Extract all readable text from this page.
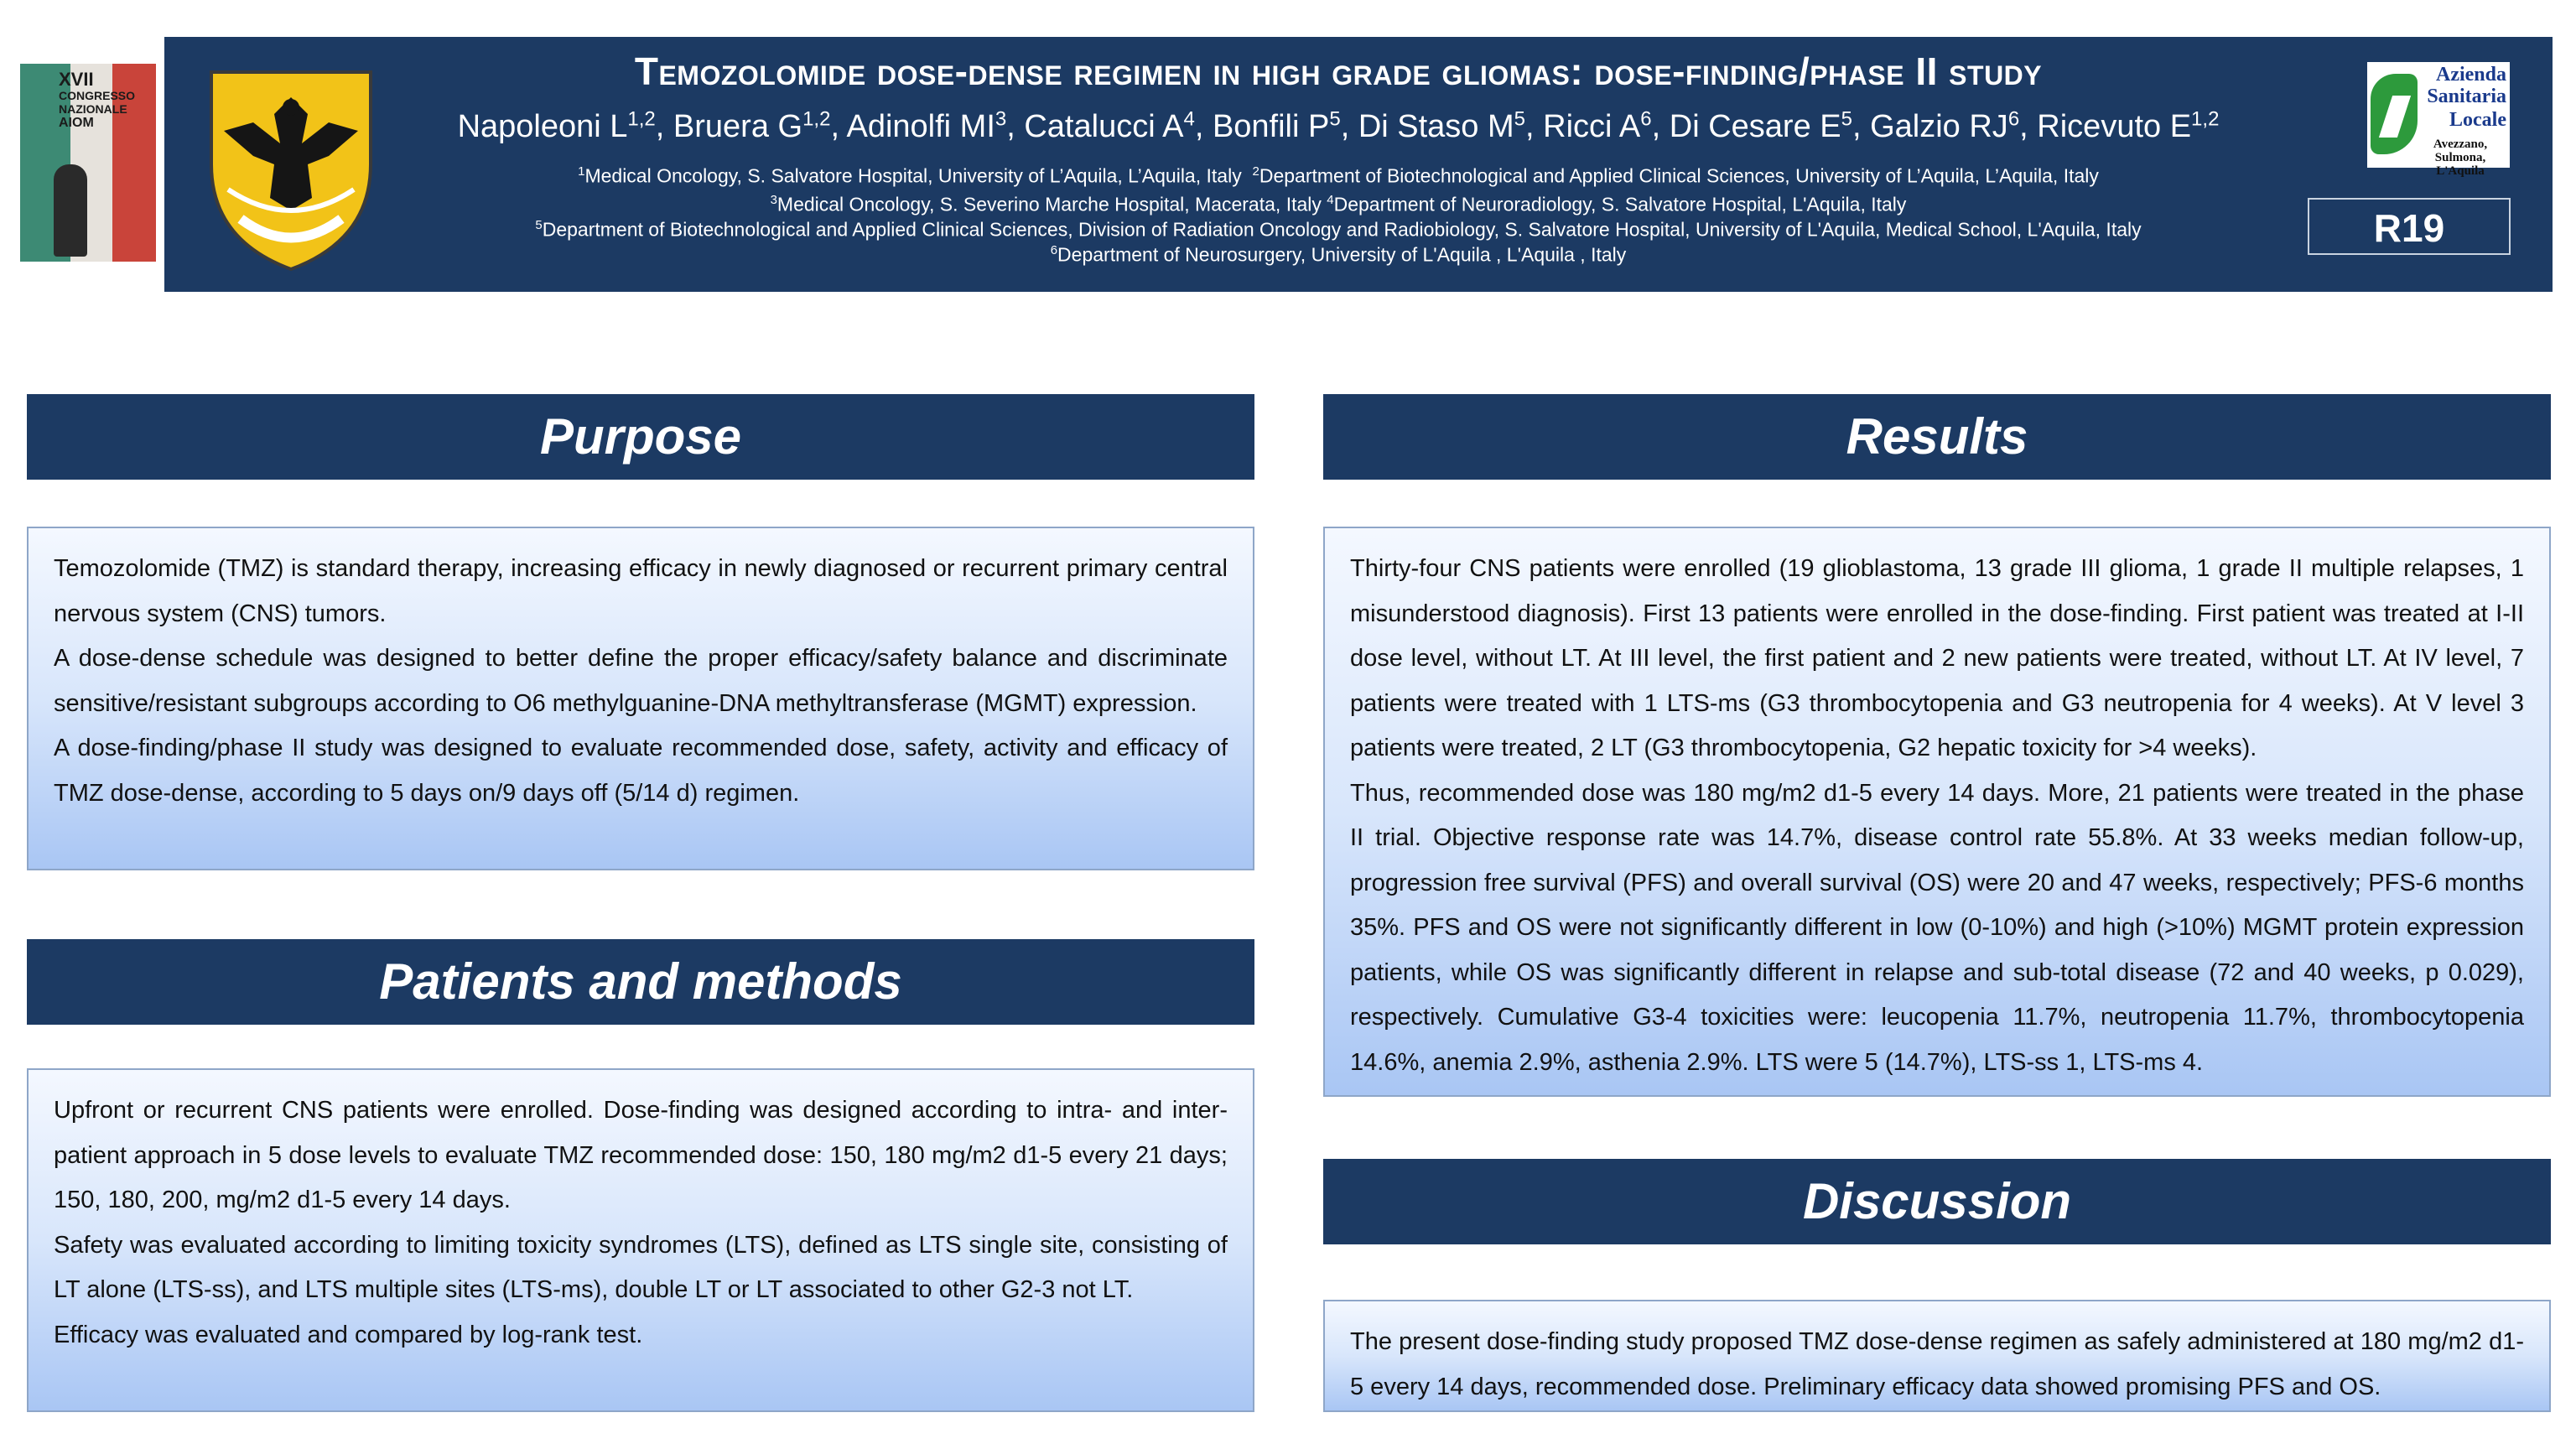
XVII
CONGRESSO
NAZIONALE
AIOM
Temozolomide dose-dense regimen in high grade gliomas: dose-finding/phase II study
Napoleoni L$^{1,2}$, Bruera G$^{1,2}$, Adinolfi $MI^3$, Catalucci $A^4$, Bonfili $P^5$, Di Staso $M^5$, Ricci $A^6$, Di Cesare $E^5$, Galzio $RJ^6$, Ricevuto E$^{1,2}$
$^1$Medical Oncology, S. Salvatore Hospital, University of L’Aquila, L’Aquila, Italy $^2$Department of Biotechnological and Applied Clinical Sciences, University of L’Aquila, L’Aquila, Italy
$^3$Medical Oncology, S. Severino Marche Hospital, Macerata, Italy $^4$Department of Neuroradiology, S. Salvatore Hospital, L'Aquila, Italy
$^5$Department of Biotechnological and Applied Clinical Sciences, Division of Radiation Oncology and Radiobiology, S. Salvatore Hospital, University of L'Aquila, Medical School, L'Aquila, Italy
$^6$Department of Neurosurgery, University of L'Aquila , L'Aquila , Italy
Azienda
Sanitaria
Locale
Avezzano, Sulmona, L'Aquila
R19
Purpose

Temozolomide (TMZ) is standard therapy, increasing efficacy in newly diagnosed or recurrent primary central nervous system (CNS) tumors.

A dose-dense schedule was designed to better define the proper efficacy/safety balance and discriminate sensitive/resistant subgroups according to O6 methylguanine-DNA methyltransferase (MGMT) expression.

A dose-finding/phase II study was designed to evaluate recommended dose, safety, activity and efficacy of TMZ dose-dense, according to 5 days on/9 days off (5/14 d) regimen.

Patients and methods

Upfront or recurrent CNS patients were enrolled. Dose-finding was designed according to intra- and inter-patient approach in 5 dose levels to evaluate TMZ recommended dose: 150, 180 mg/m2 d1-5 every 21 days; 150, 180, 200, mg/m2 d1-5 every 14 days.

Safety was evaluated according to limiting toxicity syndromes (LTS), defined as LTS single site, consisting of LT alone (LTS-ss), and LTS multiple sites (LTS-ms), double LT or LT associated to other G2-3 not LT.

Efficacy was evaluated and compared by log-rank test.

Results

Thirty-four CNS patients were enrolled (19 glioblastoma, 13 grade III glioma, 1 grade II multiple relapses, 1 misunderstood diagnosis). First 13 patients were enrolled in the dose-finding. First patient was treated at I-II dose level, without LT. At III level, the first patient and 2 new patients were treated, without LT. At IV level, 7 patients were treated with 1 LTS-ms (G3 thrombocytopenia and G3 neutropenia for 4 weeks). At V level 3 patients were treated, 2 LT (G3 thrombocytopenia, G2 hepatic toxicity for >4 weeks).

Thus, recommended dose was 180 mg/m2 d1-5 every 14 days. More, 21 patients were treated in the phase II trial. Objective response rate was 14.7%, disease control rate 55.8%. At 33 weeks median follow-up, progression free survival (PFS) and overall survival (OS) were 20 and 47 weeks, respectively; PFS-6 months 35%. PFS and OS were not significantly different in low (0-10%) and high (>10%) MGMT protein expression patients, while OS was significantly different in relapse and sub-total disease (72 and 40 weeks, p 0.029), respectively. Cumulative G3-4 toxicities were: leucopenia 11.7%, neutropenia 11.7%, thrombocytopenia 14.6%, anemia 2.9%, asthenia 2.9%. LTS were 5 (14.7%), LTS-ss 1, LTS-ms 4.

Discussion

The present dose-finding study proposed TMZ dose-dense regimen as safely administered at 180 mg/m2 d1-5 every 14 days, recommended dose. Preliminary efficacy data showed promising PFS and OS.
